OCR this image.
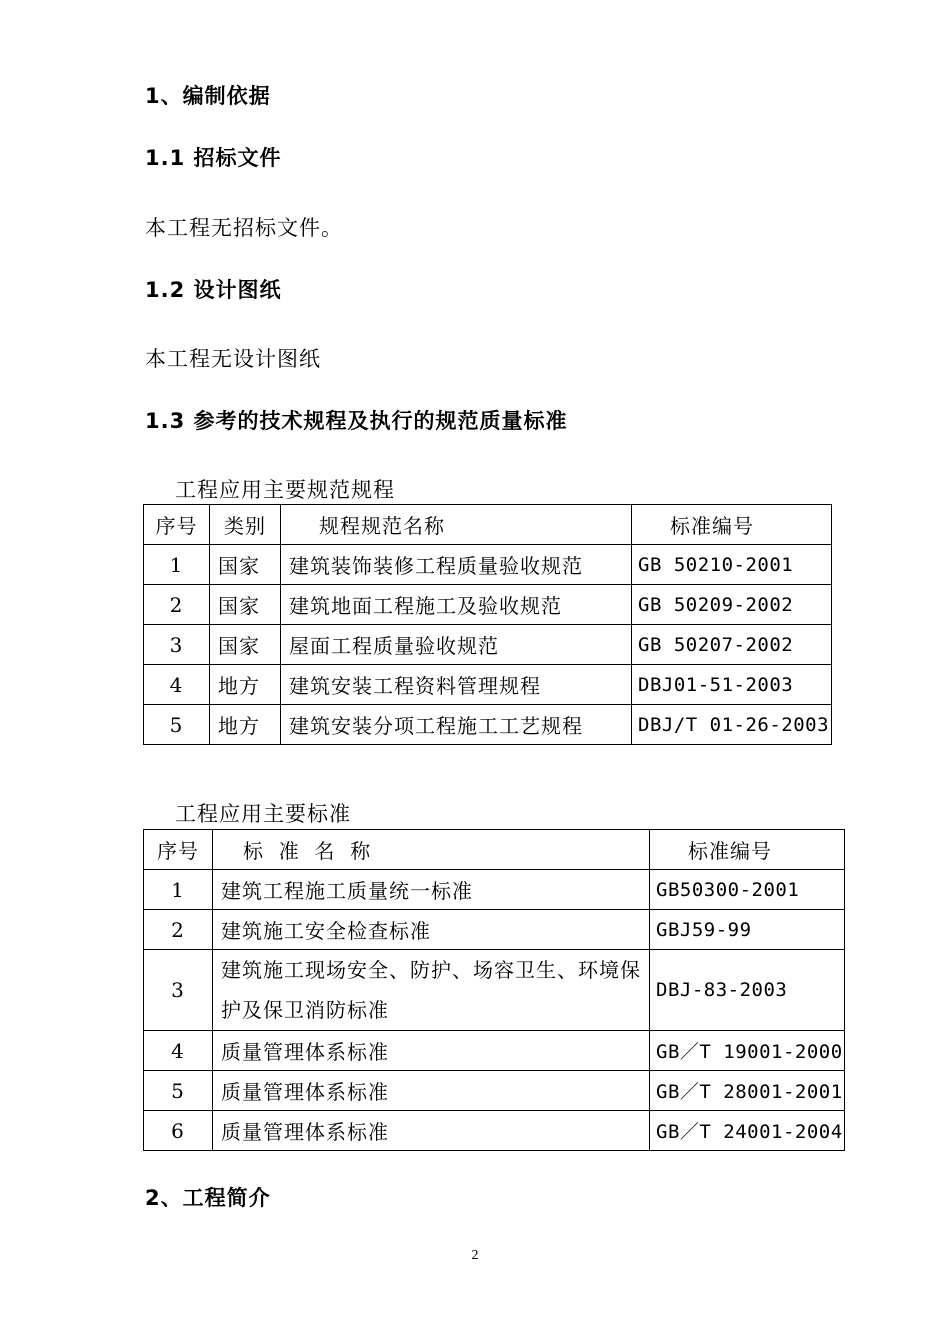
1、编制依据
1.1 招标文件
本工程无招标文件。
1.2 设计图纸
本工程无设计图纸
1.3 参考的技术规程及执行的规范质量标准
工程应用主要规范规程
序号	类别	规程规范名称	标准编号
1	国家	建筑装饰装修工程质量验收规范	GB 50210-2001
2	国家	建筑地面工程施工及验收规范	GB 50209-2002
3	国家	屋面工程质量验收规范	GB 50207-2002
4	地方	建筑安装工程资料管理规程	DBJ01-51-2003
5	地方	建筑安装分项工程施工工艺规程	DBJ/T 01-26-2003
工程应用主要标准
序号	标  准  名  称	标准编号
1	建筑工程施工质量统一标准	GB50300-2001
2	建筑施工安全检查标准	GBJ59-99
3	建筑施工现场安全、防护、场容卫生、环境保护及保卫消防标准	DBJ-83-2003
4	质量管理体系标准	GB／T 19001-2000
5	质量管理体系标准	GB／T 28001-2001
6	质量管理体系标准	GB／T 24001-2004
2、工程简介
2
